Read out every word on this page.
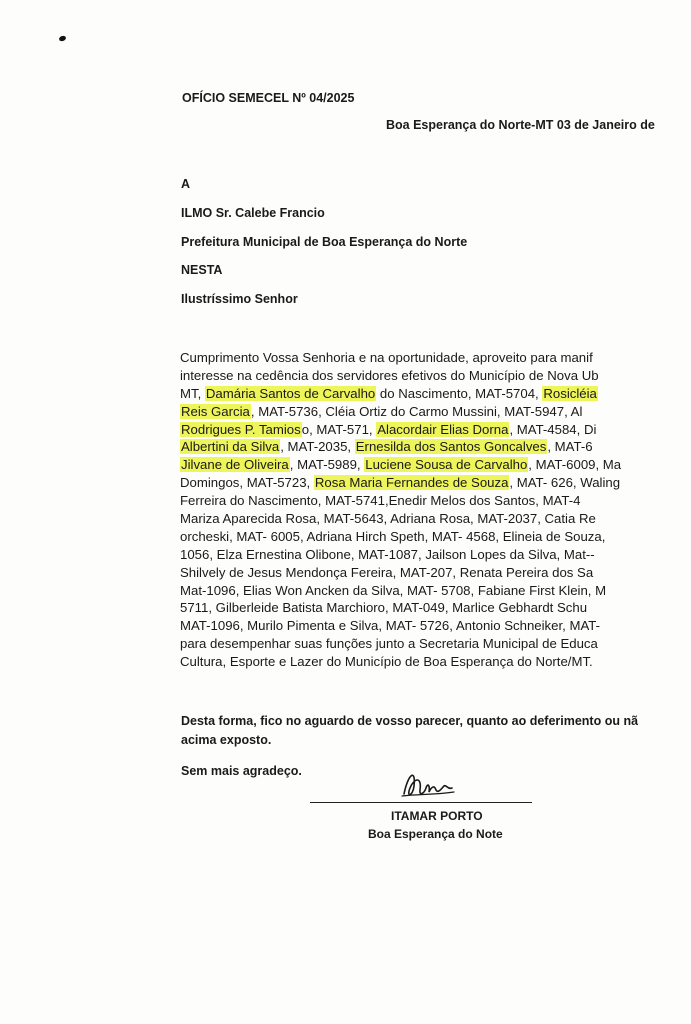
OFÍCIO SEMECEL Nº 04/2025
Boa Esperança do Norte-MT 03 de Janeiro de
A
ILMO Sr. Calebe Francio
Prefeitura Municipal de Boa Esperança do Norte
NESTA
Ilustríssimo Senhor
Cumprimento Vossa Senhoria e na oportunidade, aproveito para manif
interesse na cedência dos servidores efetivos do Município de Nova Ub
MT, Damária Santos de Carvalho do Nascimento, MAT-5704, Rosicléia
Reis Garcia, MAT-5736, Cléia Ortiz do Carmo Mussini, MAT-5947, Al
Rodrigues P. Tamioso, MAT-571, Alacordair Elias Dorna, MAT-4584, Di
Albertini da Silva, MAT-2035, Ernesilda dos Santos Goncalves, MAT-6
Jilvane de Oliveira, MAT-5989, Luciene Sousa de Carvalho, MAT-6009, Ma
Domingos, MAT-5723, Rosa Maria Fernandes de Souza, MAT- 626, Waling
Ferreira do Nascimento, MAT-5741,Enedir Melos dos Santos, MAT-4
Mariza Aparecida Rosa, MAT-5643, Adriana Rosa, MAT-2037, Catia Re
orcheski, MAT- 6005, Adriana Hirch Speth, MAT- 4568, Elineia de Souza,
1056, Elza Ernestina Olibone, MAT-1087, Jailson Lopes da Silva, Mat--
Shilvely de Jesus Mendonça Fereira, MAT-207, Renata Pereira dos Sa
Mat-1096, Elias Won Ancken da Silva, MAT- 5708, Fabiane First Klein, M
5711, Gilberleide Batista Marchioro, MAT-049, Marlice Gebhardt Schu
MAT-1096, Murilo Pimenta e Silva, MAT- 5726, Antonio Schneiker, MAT-
para desempenhar suas funções junto a Secretaria Municipal de Educa
Cultura, Esporte e Lazer do Município de Boa Esperança do Norte/MT.
Desta forma, fico no aguardo de vosso parecer, quanto ao deferimento ou nã
acima exposto.
Sem mais agradeço.
ITAMAR PORTO
Boa Esperança do Note
